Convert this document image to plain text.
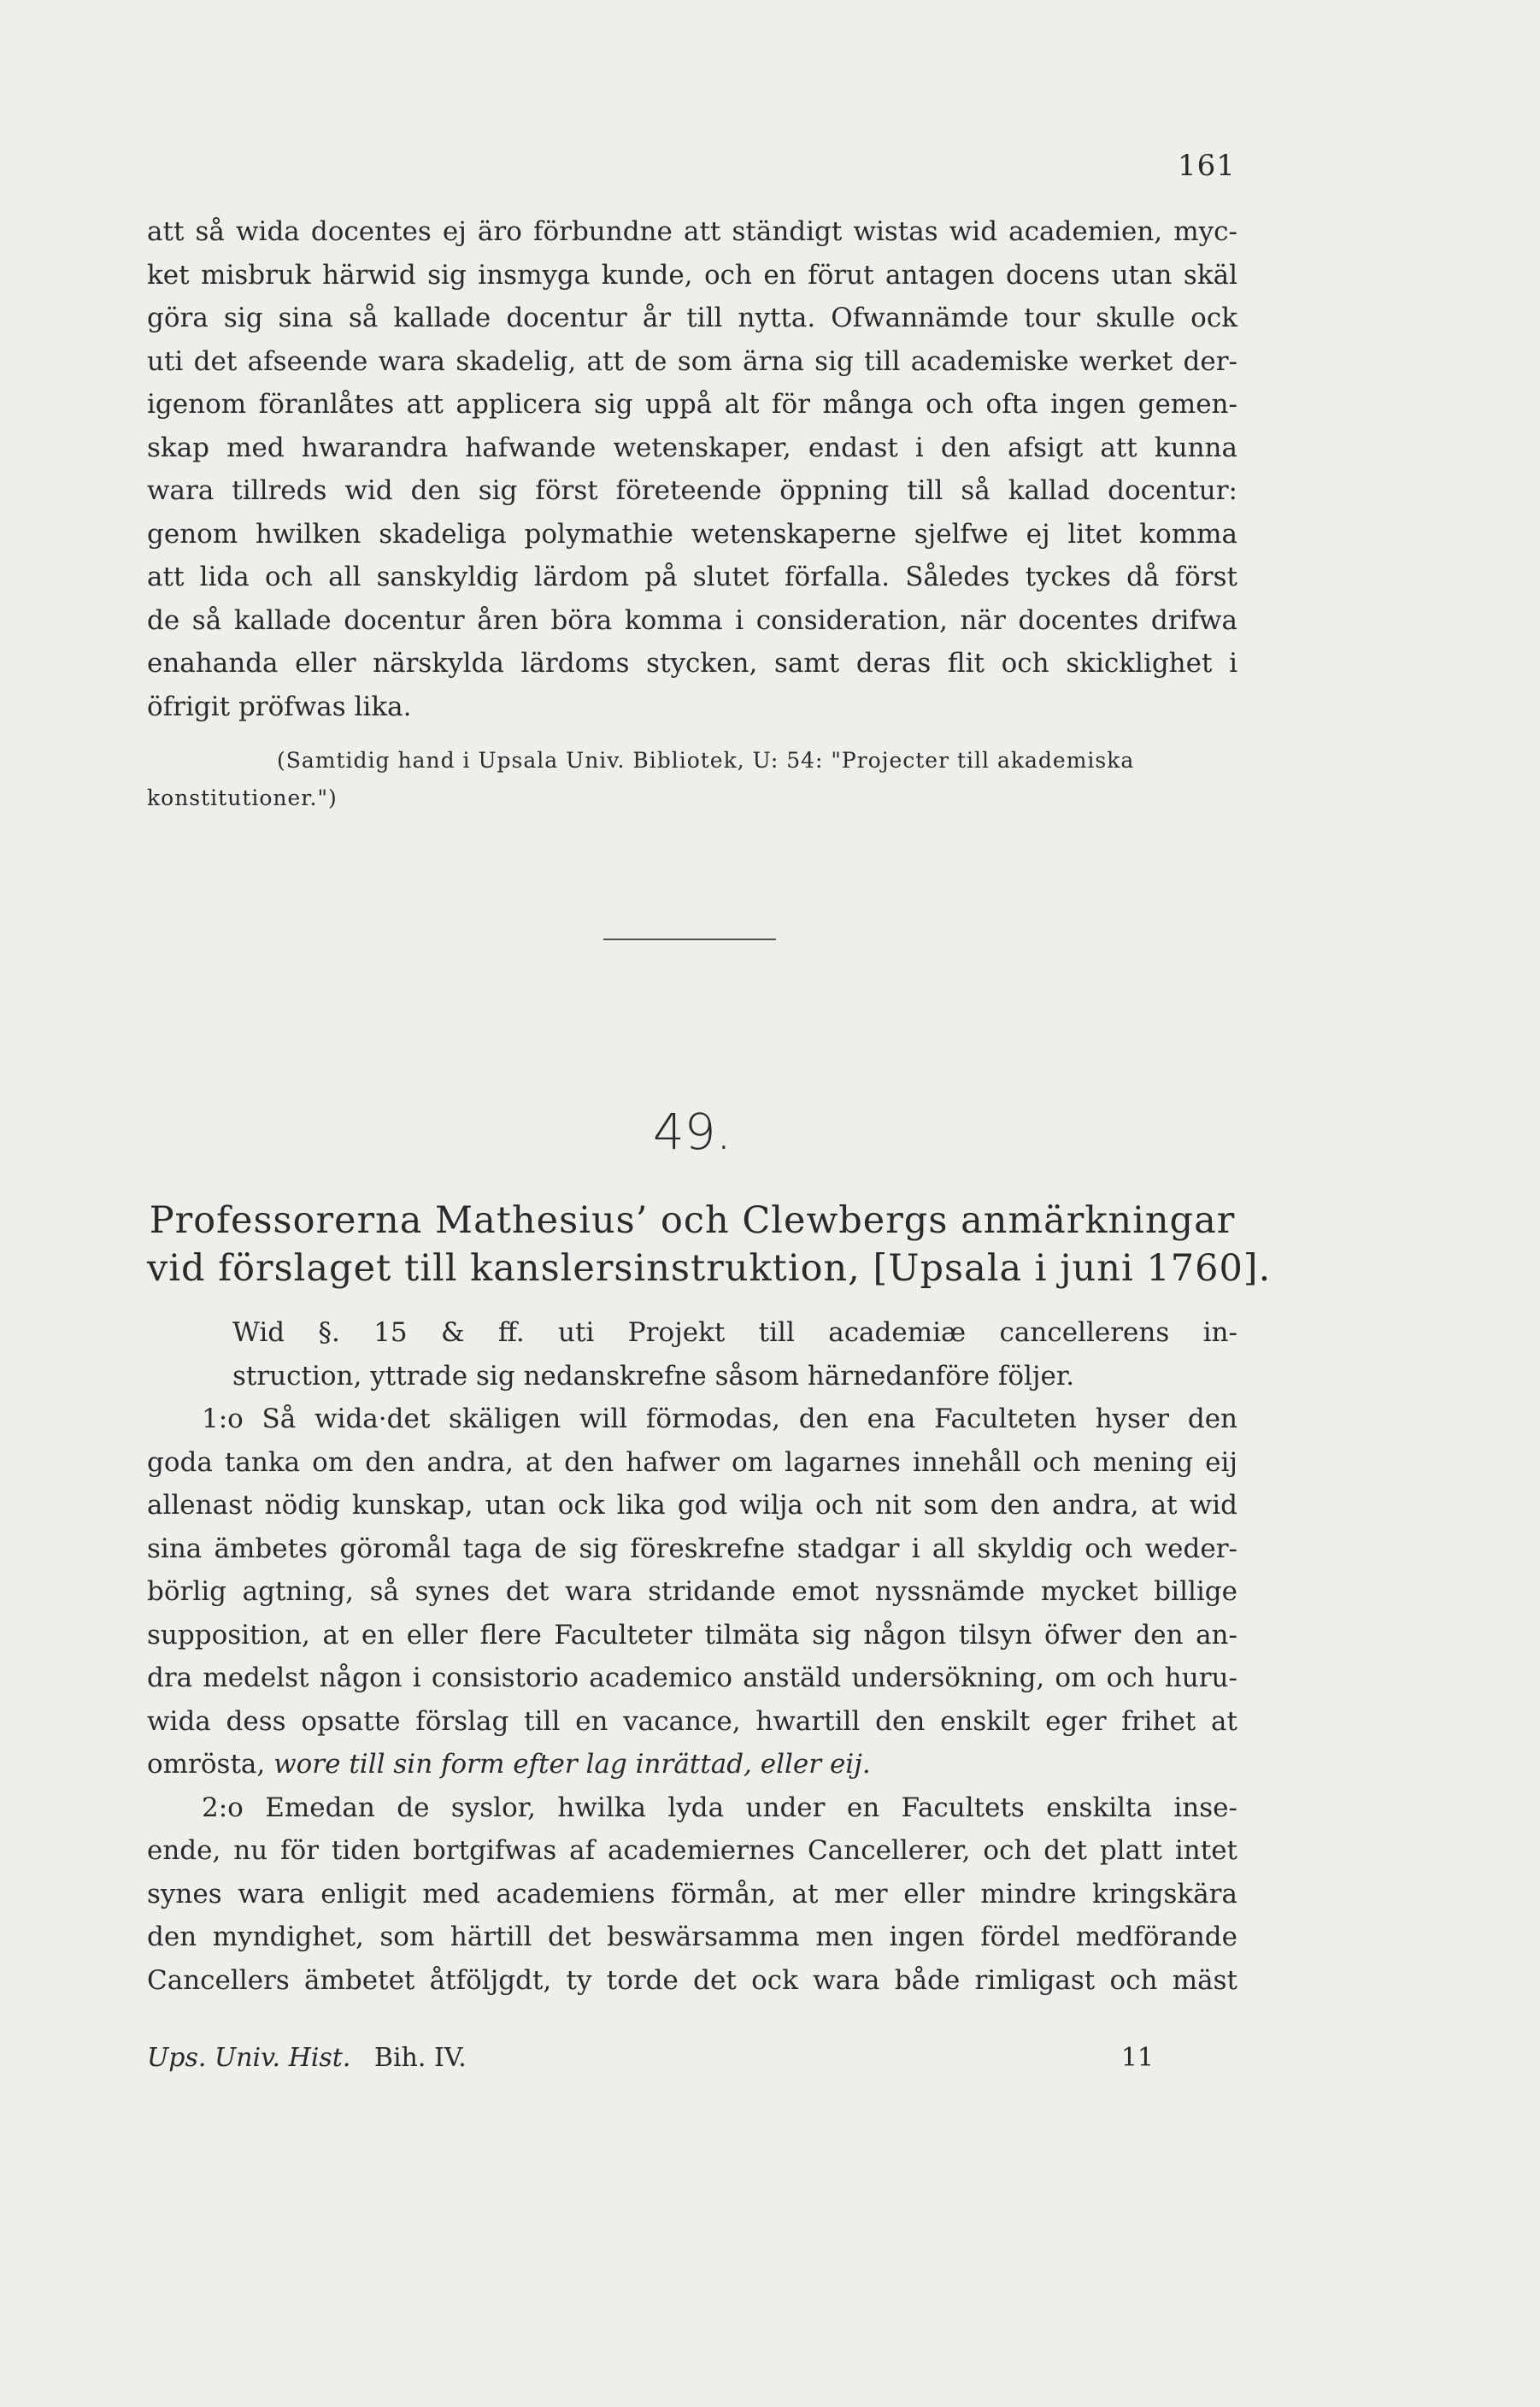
161

att så wida docentes ej äro förbundne att ständigt wistas wid academien, myc-
ket misbruk härwid sig insmyga kunde, och en förut antagen docens utan skäl
göra sig sina så kallade docentur år till nytta. Ofwannämde tour skulle ock
uti det afseende wara skadelig, att de som ärna sig till academiske werket der-
igenom föranlåtes att applicera sig uppå alt för många och ofta ingen gemen-
skap med hwarandra hafwande wetenskaper, endast i den afsigt att kunna
wara tillreds wid den sig först företeende öppning till så kallad docentur:
genom hwilken skadeliga polymathie wetenskaperne sjelfwe ej litet komma
att lida och all sanskyldig lärdom på slutet förfalla. Således tyckes då först
de så kallade docentur åren böra komma i consideration, när docentes drifwa
enahanda eller närskylda lärdoms stycken, samt deras flit och skicklighet i
öfrigit pröfwas lika.

(Samtidig hand i Upsala Univ. Bibliotek, U: 54: "Projecter till akademiska konstitutioner.")
49.
Professorerna Mathesius’ och Clewbergs anmärkningar
vid förslaget till kanslersinstruktion, [Upsala i juni 1760].

Wid §. 15 & ff. uti Projekt till academiæ cancellerens in-
struction, yttrade sig nedanskrefne såsom härnedanföre följer.

1:o Så wida·det skäligen will förmodas, den ena Faculteten hyser den
goda tanka om den andra, at den hafwer om lagarnes innehåll och mening eij
allenast nödig kunskap, utan ock lika god wilja och nit som den andra, at wid
sina ämbetes göromål taga de sig föreskrefne stadgar i all skyldig och weder-
börlig agtning, så synes det wara stridande emot nyssnämde mycket billige
supposition, at en eller flere Faculteter tilmäta sig någon tilsyn öfwer den an-
dra medelst någon i consistorio academico anstäld undersökning, om och huru-
wida dess opsatte förslag till en vacance, hwartill den enskilt eger frihet at
omrösta, wore till sin form efter lag inrättad, eller eij.

2:o Emedan de syslor, hwilka lyda under en Facultets enskilta inse-
ende, nu för tiden bortgifwas af academiernes Cancellerer, och det platt intet
synes wara enligit med academiens förmån, at mer eller mindre kringskära
den myndighet, som härtill det beswärsamma men ingen fördel medförande
Cancellers ämbetet åtföljgdt, ty torde det ock wara både rimligast och mäst

Ups. Univ. Hist. Bih. IV.	11
